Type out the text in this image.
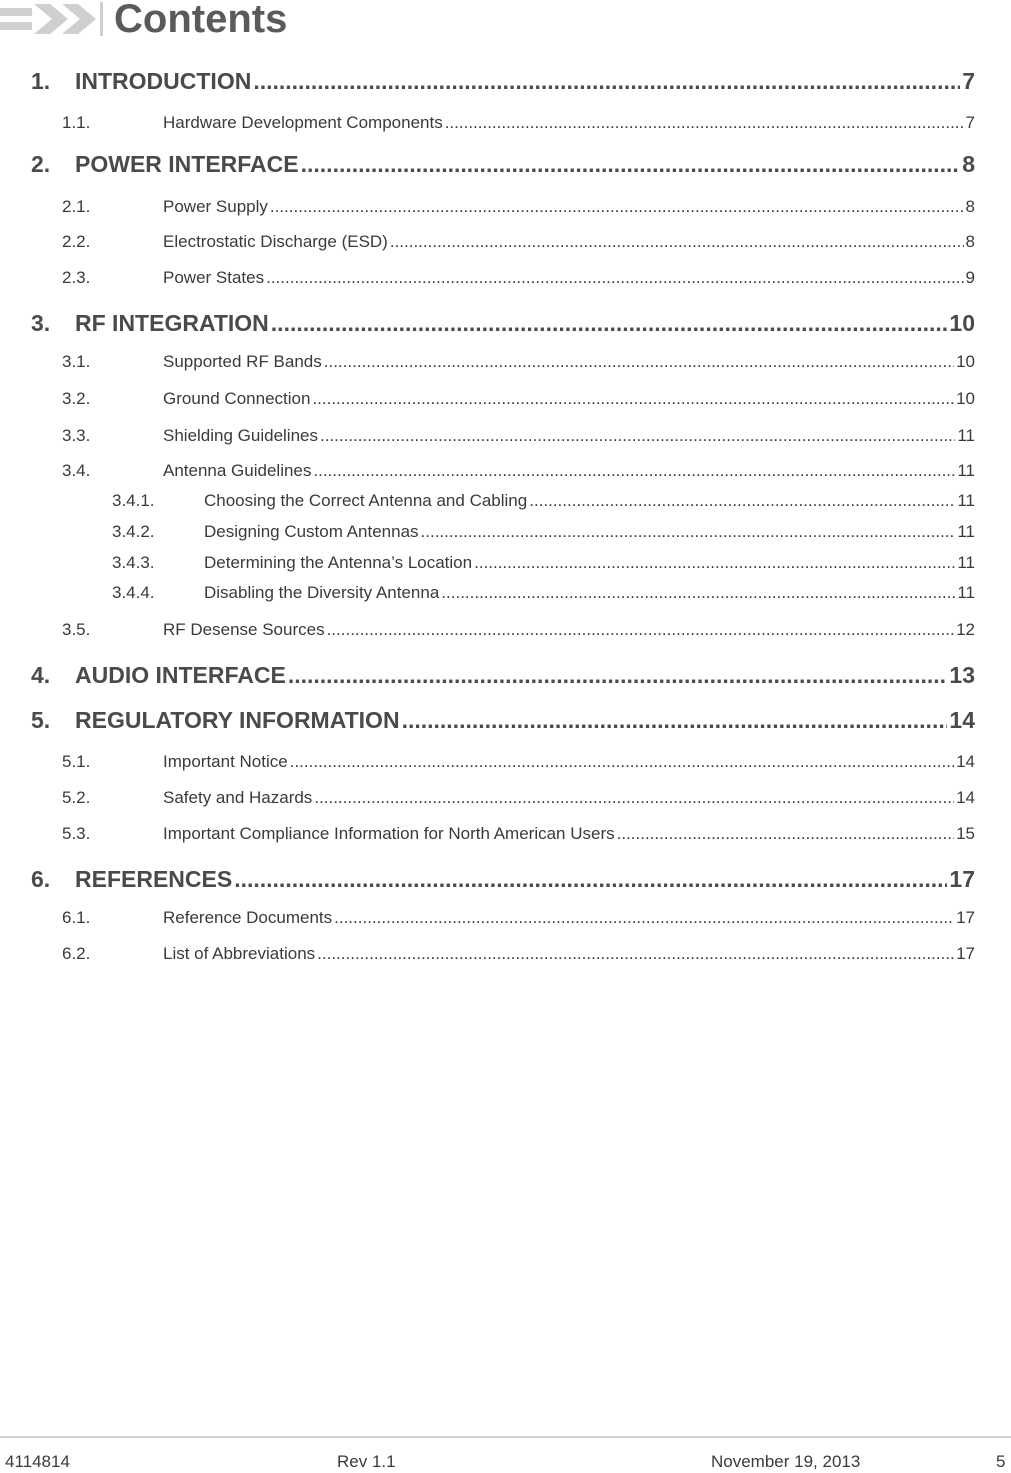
Contents
1.	INTRODUCTION .....	7
1.1.	Hardware Development Components .....	7
2.	POWER INTERFACE .....	8
2.1.	Power Supply .....	8
2.2.	Electrostatic Discharge (ESD) .....	8
2.3.	Power States .....	9
3.	RF INTEGRATION .....	10
3.1.	Supported RF Bands .....	10
3.2.	Ground Connection .....	10
3.3.	Shielding Guidelines .....	11
3.4.	Antenna Guidelines .....	11
3.4.1.	Choosing the Correct Antenna and Cabling .....	11
3.4.2.	Designing Custom Antennas .....	11
3.4.3.	Determining the Antenna’s Location .....	11
3.4.4.	Disabling the Diversity Antenna .....	11
3.5.	RF Desense Sources .....	12
4.	AUDIO INTERFACE .....	13
5.	REGULATORY INFORMATION .....	14
5.1.	Important Notice .....	14
5.2.	Safety and Hazards .....	14
5.3.	Important Compliance Information for North American Users .....	15
6.	REFERENCES .....	17
6.1.	Reference Documents .....	17
6.2.	List of Abbreviations .....	17
4114814	Rev 1.1	November 19, 2013	5
